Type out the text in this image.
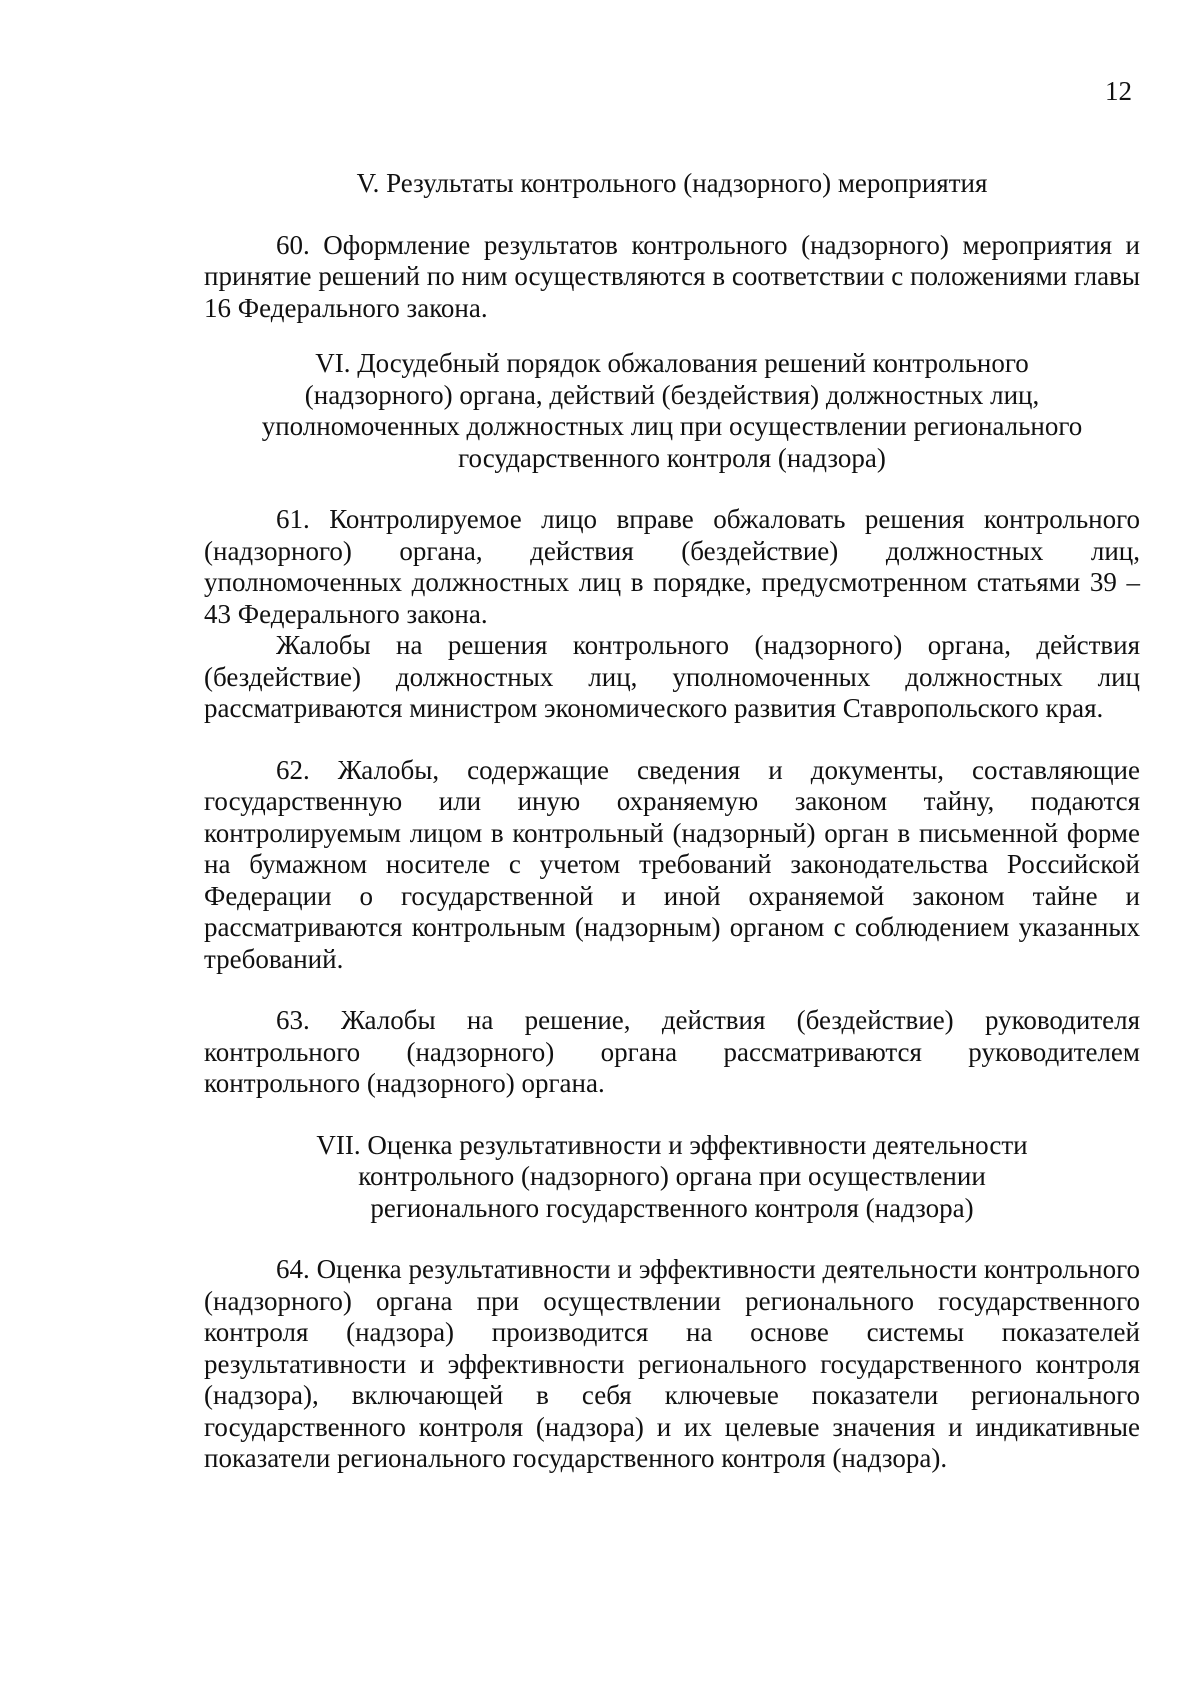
12

V. Результаты контрольного (надзорного) мероприятия

60. Оформление результатов контрольного (надзорного) мероприятия и принятие решений по ним осуществляются в соответствии с положениями главы 16 Федерального закона.

VI. Досудебный порядок обжалования решений контрольного

(надзорного) органа, действий (бездействия) должностных лиц,

уполномоченных должностных лиц при осуществлении регионального

государственного контроля (надзора)

61. Контролируемое лицо вправе обжаловать решения контрольного (надзорного) органа, действия (бездействие) должностных лиц, уполномоченных должностных лиц в порядке, предусмотренном статьями 39 – 43 Федерального закона.

Жалобы на решения контрольного (надзорного) органа, действия (бездействие) должностных лиц, уполномоченных должностных лиц рассматриваются министром экономического развития Ставропольского края.

62. Жалобы, содержащие сведения и документы, составляющие государственную или иную охраняемую законом тайну, подаются контролируемым лицом в контрольный (надзорный) орган в письменной форме на бумажном носителе с учетом требований законодательства Российской Федерации о государственной и иной охраняемой законом тайне и рассматриваются контрольным (надзорным) органом с соблюдением указанных требований.

63. Жалобы на решение, действия (бездействие) руководителя контрольного (надзорного) органа рассматриваются руководителем контрольного (надзорного) органа.

VII. Оценка результативности и эффективности деятельности

контрольного (надзорного) органа при осуществлении

регионального государственного контроля (надзора)

64. Оценка результативности и эффективности деятельности контрольного (надзорного) органа при осуществлении регионального государственного контроля (надзора) производится на основе системы показателей результативности и эффективности регионального государственного контроля (надзора), включающей в себя ключевые показатели регионального государственного контроля (надзора) и их целевые значения и индикативные показатели регионального государственного контроля (надзора).
